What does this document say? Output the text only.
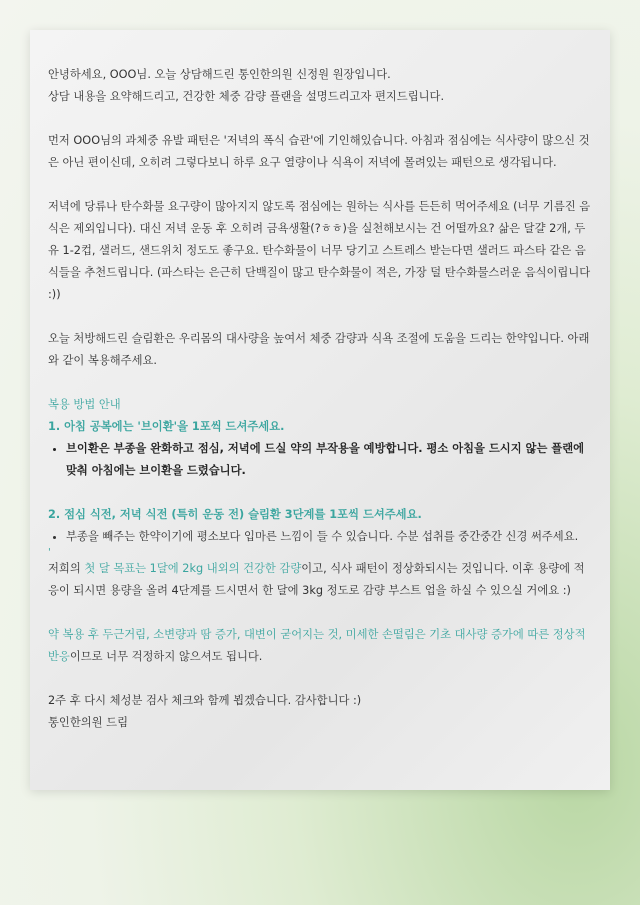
안녕하세요, OOO님. 오늘 상담해드린 통인한의원 신정원 원장입니다.
상담 내용을 요약해드리고, 건강한 체중 감량 플랜을 설명드리고자 편지드립니다.

먼저 OOO님의 과체중 유발 패턴은 '저녁의 폭식 습관'에 기인해있습니다. 아침과 점심에는 식사량이 많으신 것은 아닌 편이신데, 오히려 그렇다보니 하루 요구 열량이나 식욕이 저녁에 몰려있는 패턴으로 생각됩니다.

저녁에 당류나 탄수화물 요구량이 많아지지 않도록 점심에는 원하는 식사를 든든히 먹어주세요 (너무 기름진 음식은 제외입니다). 대신 저녁 운동 후 오히려 금욕생활(?ㅎㅎ)을 실천해보시는 건 어떨까요? 삶은 달걀 2개, 두유 1-2컵, 샐러드, 샌드위치 정도도 좋구요. 탄수화물이 너무 당기고 스트레스 받는다면 샐러드 파스타 같은 음식들을 추천드립니다. (파스타는 은근히 단백질이 많고 탄수화물이 적은, 가장 덜 탄수화물스러운 음식이립니다 :))

오늘 처방해드린 슬림환은 우리몸의 대사량을 높여서 체중 감량과 식욕 조절에 도움을 드리는 한약입니다. 아래와 같이 복용해주세요.

복용 방법 안내
1. 아침 공복에는 '브이환'을 1포씩 드셔주세요.
• 브이환은 부종을 완화하고 점심, 저녁에 드실 약의 부작용을 예방합니다. 평소 아침을 드시지 않는 플랜에 맞춰 아침에는 브이환을 드렸습니다.
2. 점심 식전, 저녁 식전 (특히 운동 전) 슬림환 3단계를 1포씩 드셔주세요.
• 부종을 빼주는 한약이기에 평소보다 입마른 느낌이 들 수 있습니다. 수분 섭취를 중간중간 신경 써주세요.
'

저희의 첫 달 목표는 1달에 2kg 내외의 건강한 감량이고, 식사 패턴이 정상화되시는 것입니다. 이후 용량에 적응이 되시면 용량을 올려 4단계를 드시면서 한 달에 3kg 정도로 감량 부스트 업을 하실 수 있으실 거에요 :)

약 복용 후 두근거림, 소변량과 땀 증가, 대변이 굳어지는 것, 미세한 손떨림은 기초 대사량 증가에 따른 정상적 반응이므로 너무 걱정하지 않으셔도 됩니다.

2주 후 다시 체성분 검사 체크와 함께 뵙겠습니다. 감사합니다 :)
통인한의원 드림
